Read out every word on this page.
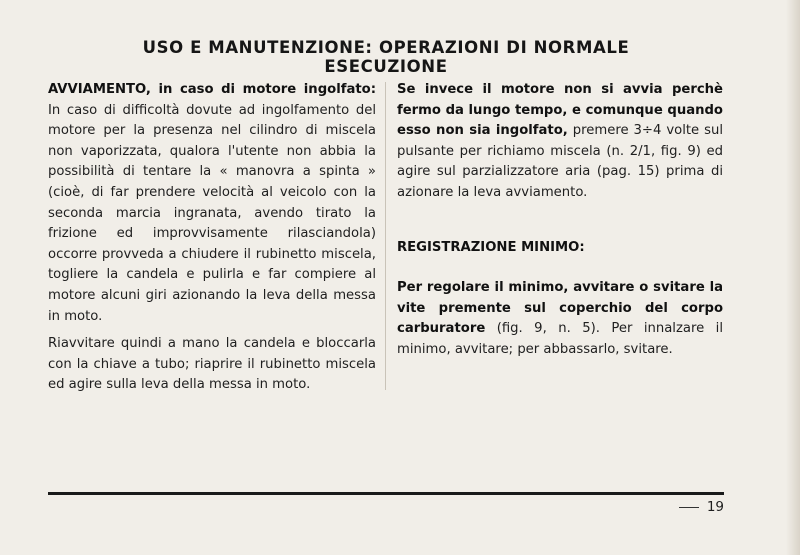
USO E MANUTENZIONE: OPERAZIONI DI NORMALE ESECUZIONE

AVVIAMENTO, in caso di motore ingolfato: In caso di difficoltà dovute ad ingolfamento del motore per la presenza nel cilindro di miscela non vaporizzata, qualora l'utente non abbia la possibilità di tentare la « manovra a spinta » (cioè, di far prendere velocità al veicolo con la seconda marcia ingranata, avendo tirato la frizione ed improvvisamente rilasciandola) occorre provveda a chiudere il rubinetto miscela, togliere la candela e pulirla e far compiere al motore alcuni giri azionando la leva della messa in moto.

Riavvitare quindi a mano la candela e bloccarla con la chiave a tubo; riaprire il rubinetto miscela ed agire sulla leva della messa in moto.

Se invece il motore non si avvia perchè fermo da lungo tempo, e comunque quando esso non sia ingolfato, premere 3÷4 volte sul pulsante per richiamo miscela (n. 2/1, fig. 9) ed agire sul parzializzatore aria (pag. 15) prima di azionare la leva avviamento.

REGISTRAZIONE MINIMO:

Per regolare il minimo, avvitare o svitare la vite premente sul coperchio del corpo carburatore (fig. 9, n. 5). Per innalzare il minimo, avvitare; per abbassarlo, svitare.

19
